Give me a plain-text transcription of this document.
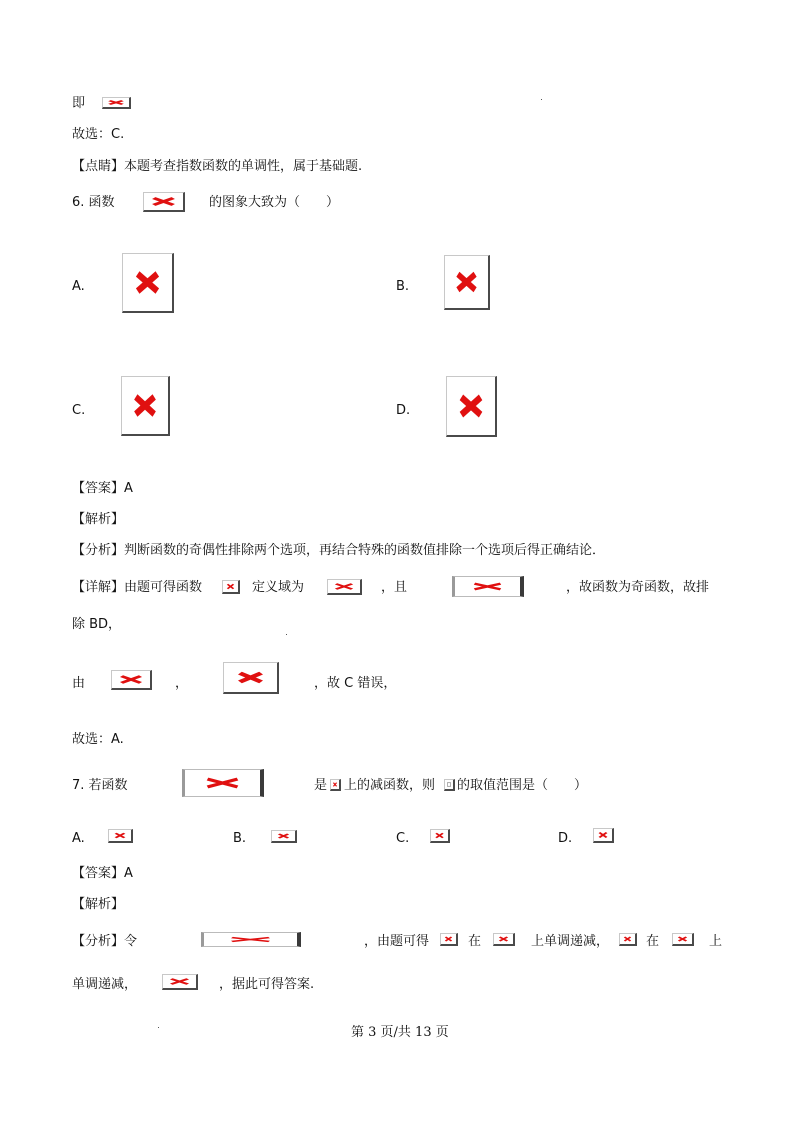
即
故选：C.
【点睛】本题考查指数函数的单调性，属于基础题.
6. 函数	的图象大致为（　　）
A.	B.
C.	D.
【答案】A
【解析】
【分析】判断函数的奇偶性排除两个选项，再结合特殊的函数值排除一个选项后得正确结论．
【详解】由题可得函数	定义域为	，且	，故函数为奇函数，故排
除 BD，
由	，	，故 C 错误，
故选：A.
7. 若函数	是 上的减函数，则 的取值范围是（　　）
A.	B.	C.	D.
【答案】A
【解析】
【分析】令	，由题可得	在	上单调递减，	在	上
单调递减，	，据此可得答案.
第 3 页/共 13 页
